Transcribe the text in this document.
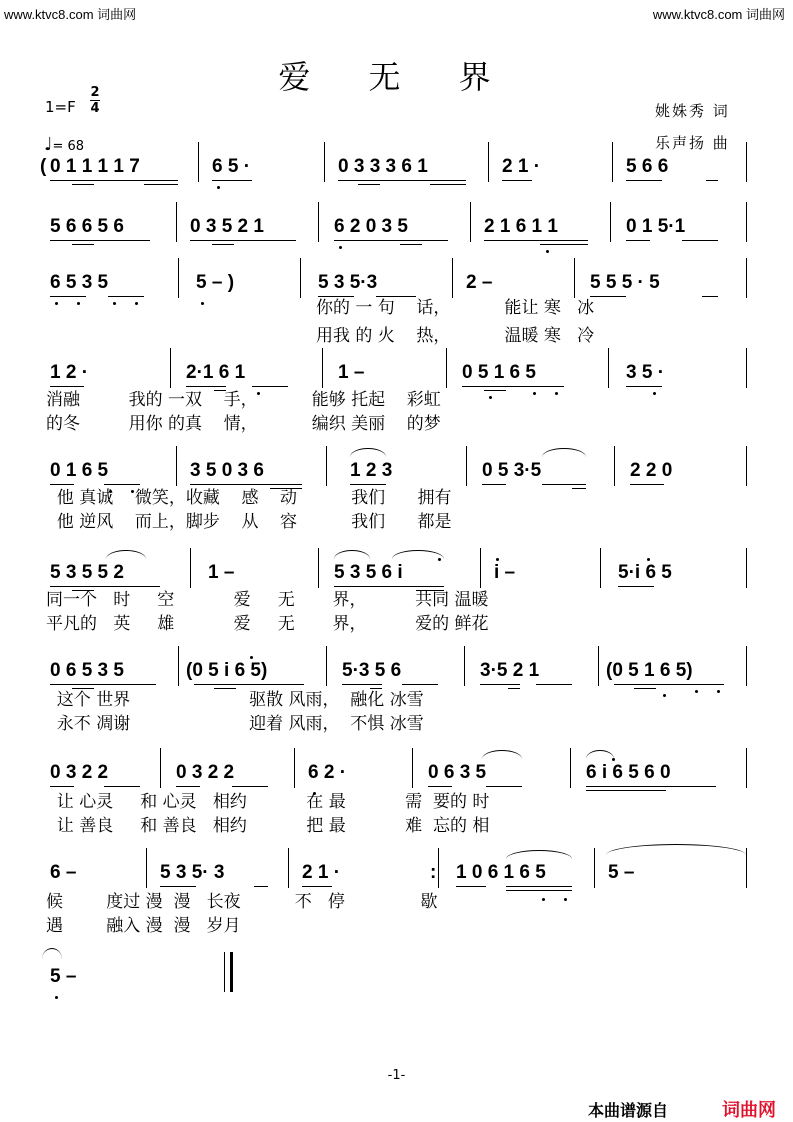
www.ktvc8.com 词曲网	www.ktvc8.com 词曲网
爱 无 界
1=F
2
4
♩= 68
姚姝秀 词
乐声扬 曲
( 0 1 1 1 1 7	6 5 ·	0 3 3 3 6 1	2 1 ·	5 6 6
5 6 6 5 6	0 3 5 2 1	6 2 0 3 5	2 1 6 1 1	0 1 5·1
6 5 3 5	5 – )	5 3 5·3	2 –	5 5 5 · 5
你的 一 句    话，          能让 寒   冰
用我 的 火    热，          温暖 寒   冷
1 2 ·	2·1 6 1	1 –	0 5 1 6 5	3 5 ·
消融         我的 一双    手，          能够 托起    彩虹
的冬         用你 的真    情，          编织 美丽    的梦
0 1 6 5	3 5 0 3 6	1 2 3	0 5 3·5	2 2 0
他 真诚    微笑，收藏    感    动          我们      拥有
他 逆风    而上，脚步    从    容          我们      都是
5 3 5 5 2	1 –	5 3 5 6 i	i –	5·i 6 5
同一个   时     空           爱     无       界，         共同 温暖
平凡的   英     雄           爱     无       界，         爱的 鲜花
0 6 5 3 5	(0 5 i 6 5)	5·3 5 6	3·5 2 1	(0 5 1 6 5)
这个 世界                      驱散 风雨，  融化 冰雪
永不 凋谢                      迎着 风雨，  不惧 冰雪
0 3 2 2	0 3 2 2	6 2 ·	0 6 3 5	6 i 6 5 6 0
让 心灵     和 心灵   相约           在 最           需  要的 时
让 善良     和 善良   相约           把 最           难  忘的 相
6 –	5 3 5· 3	2 1 ·	: 1 0 6 1 6 5	5 –
候        度过 漫  漫   长夜          不   停              歇
遇        融入 漫  漫   岁月
5 –
-1-
本曲谱源自	词曲网
